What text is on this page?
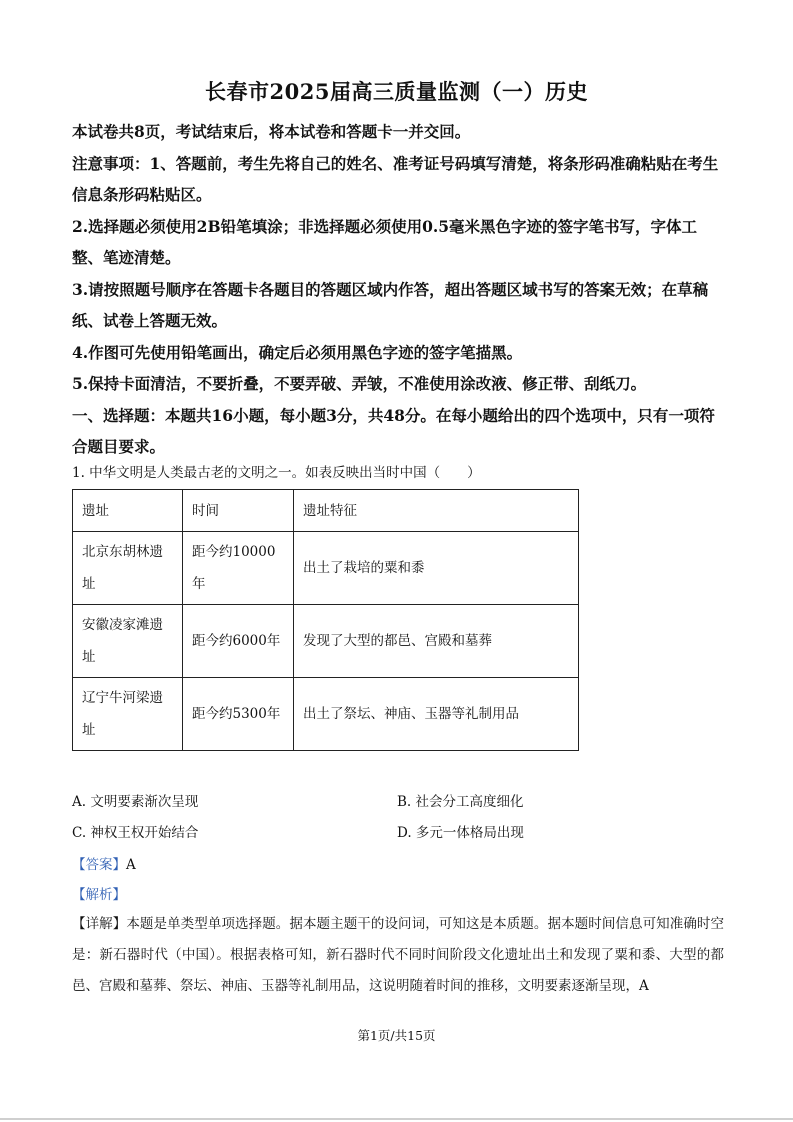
长春市2025届高三质量监测（一）历史

本试卷共8页，考试结束后，将本试卷和答题卡一并交回。

注意事项：1、答题前，考生先将自己的姓名、准考证号码填写清楚，将条形码准确粘贴在考生信息条形码粘贴区。

2.选择题必须使用2B铅笔填涂；非选择题必须使用0.5毫米黑色字迹的签字笔书写，字体工整、笔迹清楚。

3.请按照题号顺序在答题卡各题目的答题区域内作答，超出答题区域书写的答案无效；在草稿纸、试卷上答题无效。

4.作图可先使用铅笔画出，确定后必须用黑色字迹的签字笔描黑。

5.保持卡面清洁，不要折叠，不要弄破、弄皱，不准使用涂改液、修正带、刮纸刀。

一、选择题：本题共16小题，每小题3分，共48分。在每小题给出的四个选项中，只有一项符合题目要求。

1. 中华文明是人类最古老的文明之一。如表反映出当时中国（　　）
遗址	时间	遗址特征
北京东胡林遗址	距今约10000年	出土了栽培的粟和黍
安徽凌家滩遗址	距今约6000年	发现了大型的都邑、宫殿和墓葬
辽宁牛河梁遗址	距今约5300年	出土了祭坛、神庙、玉器等礼制用品
A. 文明要素渐次呈现	B. 社会分工高度细化
C. 神权王权开始结合	D. 多元一体格局出现
【答案】A
【解析】
【详解】本题是单类型单项选择题。据本题主题干的设问词，可知这是本质题。据本题时间信息可知准确时空是：新石器时代（中国）。根据表格可知，新石器时代不同时间阶段文化遗址出土和发现了粟和黍、大型的都邑、宫殿和墓葬、祭坛、神庙、玉器等礼制用品，这说明随着时间的推移，文明要素逐渐呈现，A
第1页/共15页
